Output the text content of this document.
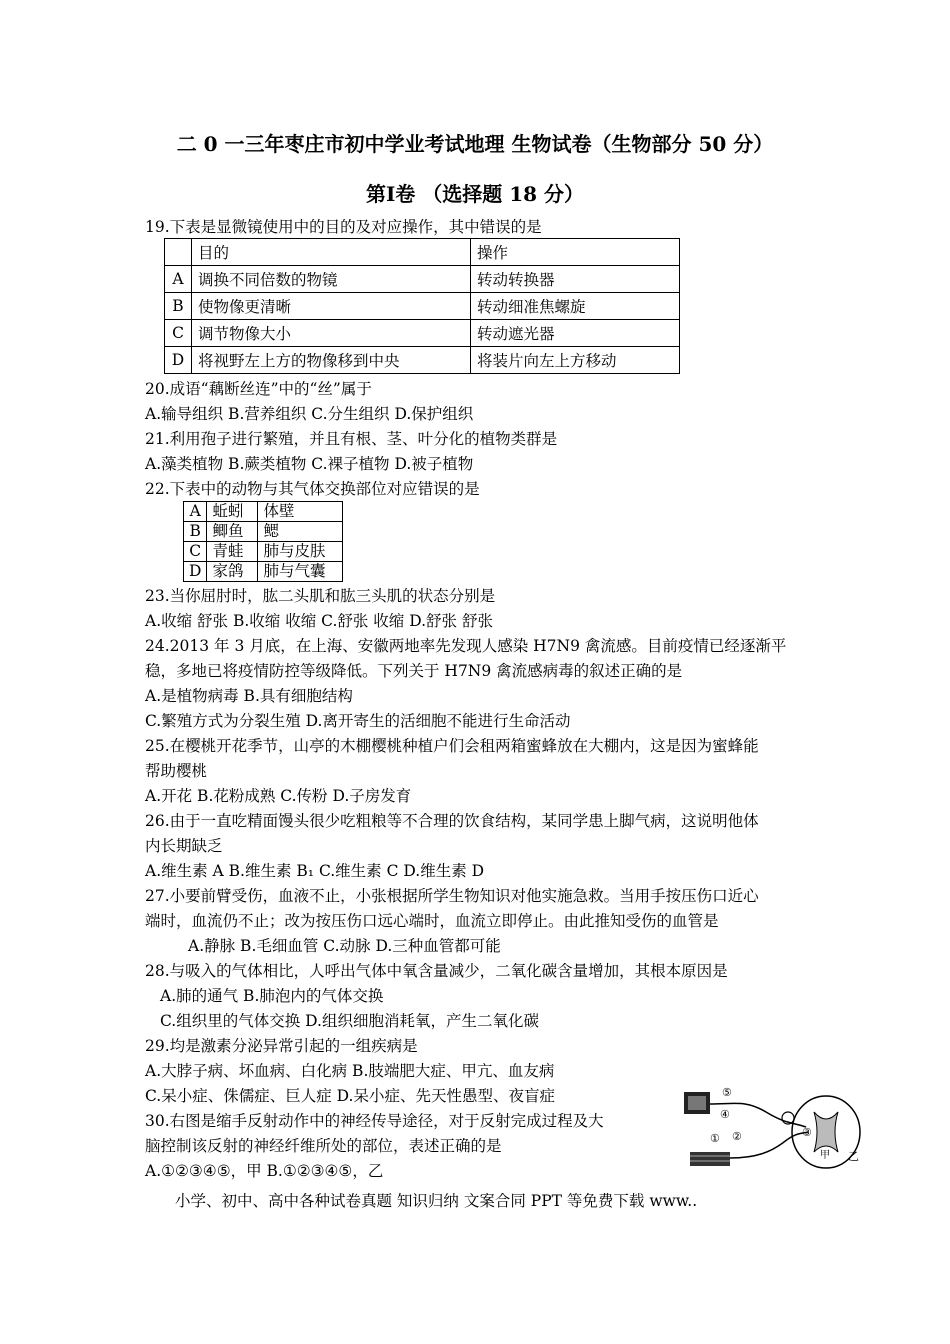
二 0 一三年枣庄市初中学业考试地理 生物试卷（生物部分 50 分）
第Ⅰ卷 （选择题 18 分）
19.下表是显微镜使用中的目的及对应操作，其中错误的是
	目的	操作
A	调换不同倍数的物镜	转动转换器
B	使物像更清晰	转动细准焦螺旋
C	调节物像大小	转动遮光器
D	将视野左上方的物像移到中央	将装片向左上方移动
20.成语“藕断丝连”中的“丝”属于
A.输导组织 B.营养组织 C.分生组织 D.保护组织
21.利用孢子进行繁殖，并且有根、茎、叶分化的植物类群是
A.藻类植物 B.蕨类植物 C.裸子植物 D.被子植物
22.下表中的动物与其气体交换部位对应错误的是
A	蚯蚓	体壁
B	鲫鱼	鳃
C	青蛙	肺与皮肤
D	家鸽	肺与气囊
23.当你屈肘时，肱二头肌和肱三头肌的状态分别是
A.收缩 舒张 B.收缩 收缩 C.舒张 收缩 D.舒张 舒张
24.2013 年 3 月底，在上海、安徽两地率先发现人感染 H7N9 禽流感。目前疫情已经逐渐平
稳，多地已将疫情防控等级降低。下列关于 H7N9 禽流感病毒的叙述正确的是
A.是植物病毒 B.具有细胞结构
C.繁殖方式为分裂生殖 D.离开寄生的活细胞不能进行生命活动
25.在樱桃开花季节，山亭的木棚樱桃种植户们会租两箱蜜蜂放在大棚内，这是因为蜜蜂能
帮助樱桃
A.开花 B.花粉成熟 C.传粉 D.子房发育
26.由于一直吃精面馒头很少吃粗粮等不合理的饮食结构，某同学患上脚气病，这说明他体
内长期缺乏
A.维生素 A B.维生素 B₁ C.维生素 C D.维生素 D
27.小要前臂受伤，血液不止，小张根据所学生物知识对他实施急救。当用手按压伤口近心
端时，血流仍不止；改为按压伤口远心端时，血流立即停止。由此推知受伤的血管是
A.静脉 B.毛细血管 C.动脉 D.三种血管都可能
28.与吸入的气体相比，人呼出气体中氧含量减少，二氧化碳含量增加，其根本原因是
A.肺的通气 B.肺泡内的气体交换
C.组织里的气体交换 D.组织细胞消耗氧，产生二氧化碳
29.均是激素分泌异常引起的一组疾病是
A.大脖子病、坏血病、白化病 B.肢端肥大症、甲亢、血友病
C.呆小症、侏儒症、巨人症 D.呆小症、先天性愚型、夜盲症
30.右图是缩手反射动作中的神经传导途径，对于反射完成过程及大
脑控制该反射的神经纤维所处的部位，表述正确的是
A.①②③④⑤，甲 B.①②③④⑤，乙
⑤
④
① ②	③
甲 乙
小学、初中、高中各种试卷真题 知识归纳 文案合同 PPT 等免费下载 www..
